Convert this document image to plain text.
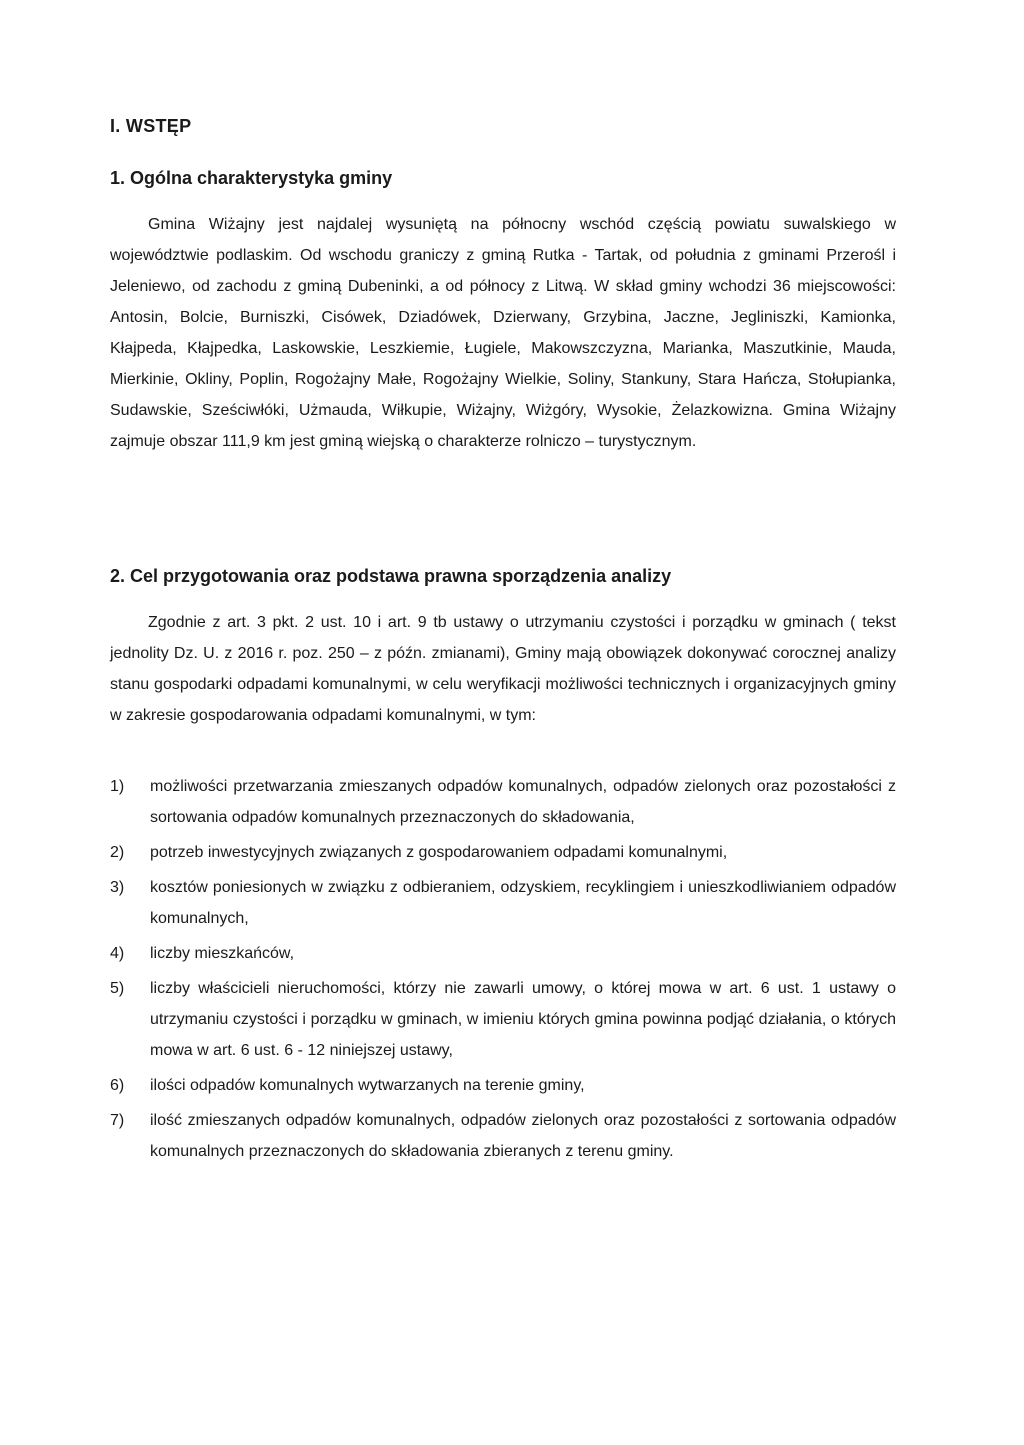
I. WSTĘP
1. Ogólna charakterystyka gminy

Gmina Wiżajny jest najdalej wysuniętą na północny wschód częścią powiatu suwalskiego w województwie podlaskim. Od wschodu graniczy z gminą Rutka - Tartak, od południa z gminami Przerośl i Jeleniewo, od zachodu z gminą Dubeninki, a od północy z Litwą. W skład gminy wchodzi 36 miejscowości: Antosin, Bolcie, Burniszki, Cisówek, Dziadówek, Dzierwany, Grzybina, Jaczne, Jegliniszki, Kamionka, Kłajpeda, Kłajpedka, Laskowskie, Leszkiemie, Ługiele, Makowszczyzna, Marianka, Maszutkinie, Mauda, Mierkinie, Okliny, Poplin, Rogożajny Małe, Rogożajny Wielkie, Soliny, Stankuny, Stara Hańcza, Stołupianka, Sudawskie, Sześciwłóki, Użmauda, Wiłkupie, Wiżajny, Wiżgóry, Wysokie, Żelazkowizna. Gmina Wiżajny zajmuje obszar 111,9 km jest gminą wiejską o charakterze rolniczo – turystycznym.

2. Cel przygotowania oraz podstawa prawna sporządzenia analizy

Zgodnie z art. 3 pkt. 2 ust. 10 i art. 9 tb ustawy o utrzymaniu czystości i porządku w gminach ( tekst jednolity Dz. U. z 2016 r. poz. 250 – z późn. zmianami), Gminy mają obowiązek dokonywać corocznej analizy stanu gospodarki odpadami komunalnymi, w celu weryfikacji możliwości technicznych i organizacyjnych gminy w zakresie gospodarowania odpadami komunalnymi, w tym:

1)	możliwości przetwarzania zmieszanych odpadów komunalnych, odpadów zielonych oraz pozostałości z sortowania odpadów komunalnych przeznaczonych do składowania,
2)	potrzeb inwestycyjnych związanych z gospodarowaniem odpadami komunalnymi,
3)	kosztów poniesionych w związku z odbieraniem, odzyskiem, recyklingiem i unieszkodliwianiem odpadów komunalnych,
4)	liczby mieszkańców,
5)	liczby właścicieli nieruchomości, którzy nie zawarli umowy, o której mowa w art. 6 ust. 1 ustawy o utrzymaniu czystości i porządku w gminach, w imieniu których gmina powinna podjąć działania, o których mowa w art. 6 ust. 6 - 12 niniejszej ustawy,
6)	ilości odpadów komunalnych wytwarzanych na terenie gminy,
7)	ilość zmieszanych odpadów komunalnych, odpadów zielonych oraz pozostałości z sortowania odpadów komunalnych przeznaczonych do składowania zbieranych z terenu gminy.
